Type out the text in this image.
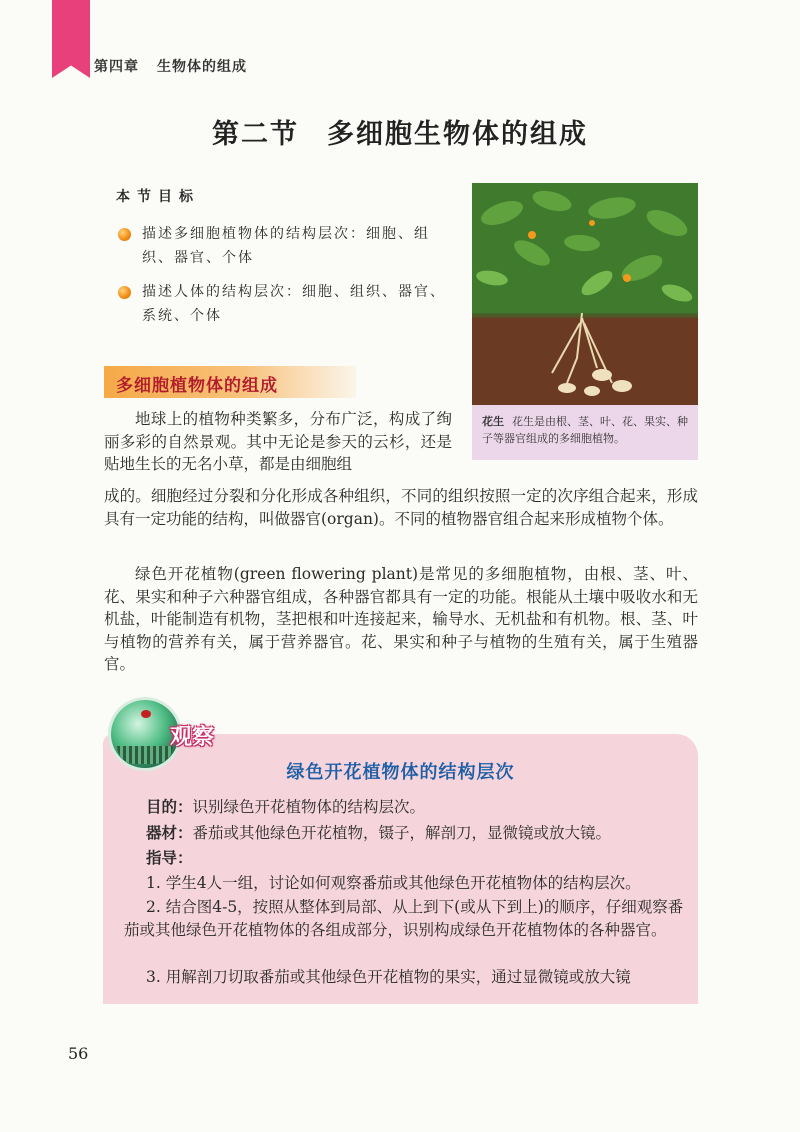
第四章 生物体的组成
第二节 多细胞生物体的组成
本节目标
描述多细胞植物体的结构层次：细胞、组织、器官、个体
描述人体的结构层次：细胞、组织、器官、系统、个体
花生 花生是由根、茎、叶、花、果实、种子等器官组成的多细胞植物。
多细胞植物体的组成

地球上的植物种类繁多，分布广泛，构成了绚丽多彩的自然景观。其中无论是参天的云杉，还是贴地生长的无名小草，都是由细胞组

成的。细胞经过分裂和分化形成各种组织，不同的组织按照一定的次序组合起来，形成具有一定功能的结构，叫做器官(organ)。不同的植物器官组合起来形成植物个体。

绿色开花植物(green flowering plant)是常见的多细胞植物，由根、茎、叶、花、果实和种子六种器官组成，各种器官都具有一定的功能。根能从土壤中吸收水和无机盐，叶能制造有机物，茎把根和叶连接起来，输导水、无机盐和有机物。根、茎、叶与植物的营养有关，属于营养器官。花、果实和种子与植物的生殖有关，属于生殖器官。

观察
绿色开花植物体的结构层次

目的：识别绿色开花植物体的结构层次。

器材：番茄或其他绿色开花植物，镊子，解剖刀，显微镜或放大镜。

指导：

1. 学生4人一组，讨论如何观察番茄或其他绿色开花植物体的结构层次。

2. 结合图4-5，按照从整体到局部、从上到下(或从下到上)的顺序，仔细观察番茄或其他绿色开花植物体的各组成部分，识别构成绿色开花植物体的各种器官。

3. 用解剖刀切取番茄或其他绿色开花植物的果实，通过显微镜或放大镜

56
